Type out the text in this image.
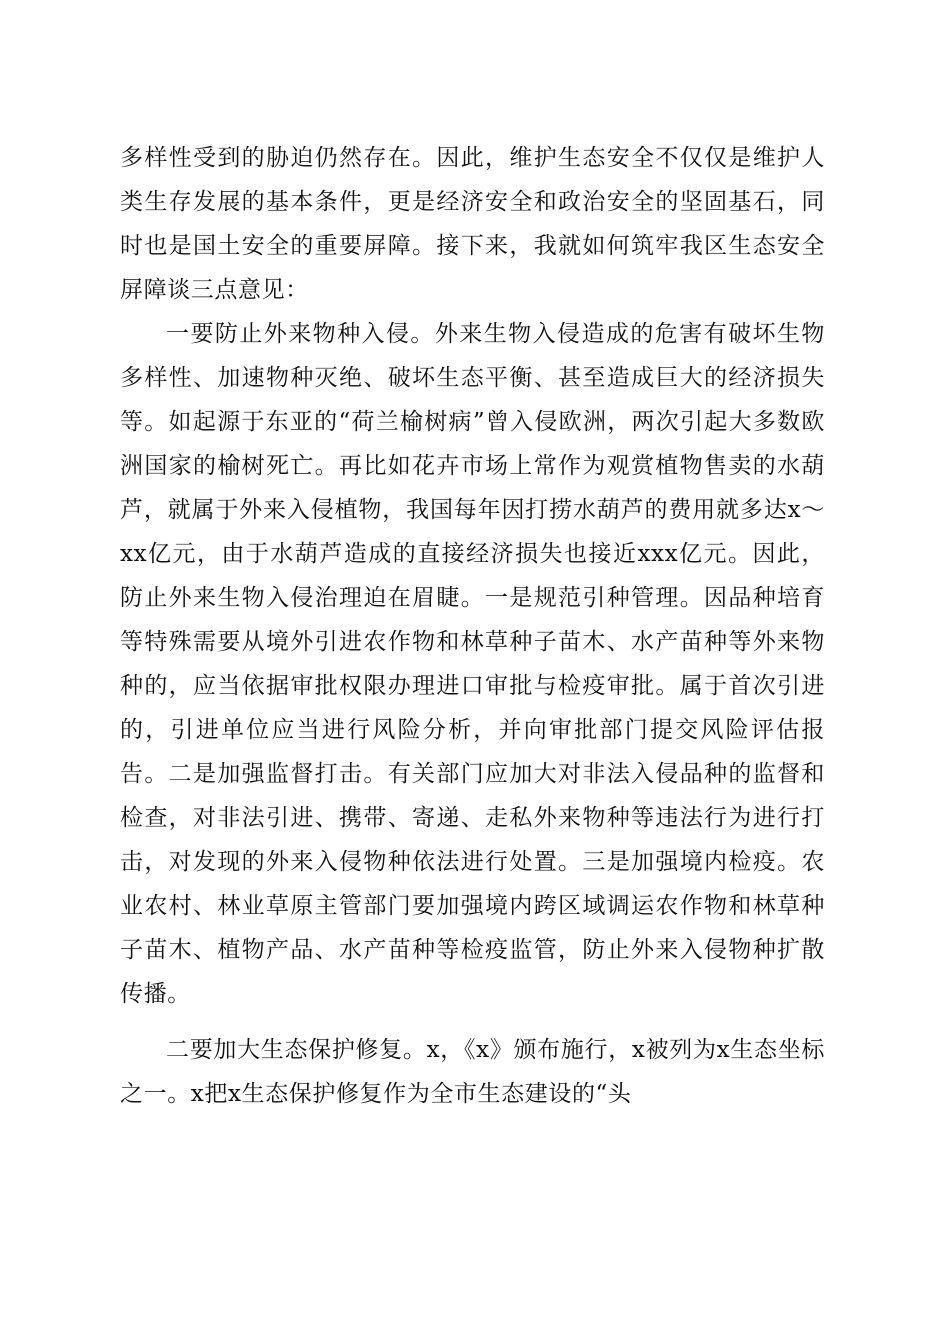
多样性受到的胁迫仍然存在。因此，维护生态安全不仅仅是维护人类生存发展的基本条件，更是经济安全和政治安全的坚固基石，同时也是国土安全的重要屏障。接下来，我就如何筑牢我区生态安全屏障谈三点意见：

一要防止外来物种入侵。外来生物入侵造成的危害有破坏生物多样性、加速物种灭绝、破坏生态平衡、甚至造成巨大的经济损失等。如起源于东亚的“荷兰榆树病”曾入侵欧洲，两次引起大多数欧洲国家的榆树死亡。再比如花卉市场上常作为观赏植物售卖的水葫芦，就属于外来入侵植物，我国每年因打捞水葫芦的费用就多达x～xx亿元，由于水葫芦造成的直接经济损失也接近xxx亿元。因此，防止外来生物入侵治理迫在眉睫。一是规范引种管理。因品种培育等特殊需要从境外引进农作物和林草种子苗木、水产苗种等外来物种的，应当依据审批权限办理进口审批与检疫审批。属于首次引进的，引进单位应当进行风险分析，并向审批部门提交风险评估报告。二是加强监督打击。有关部门应加大对非法入侵品种的监督和检查，对非法引进、携带、寄递、走私外来物种等违法行为进行打击，对发现的外来入侵物种依法进行处置。三是加强境内检疫。农业农村、林业草原主管部门要加强境内跨区域调运农作物和林草种子苗木、植物产品、水产苗种等检疫监管，防止外来入侵物种扩散传播。

二要加大生态保护修复。x，《x》颁布施行，x被列为x生态坐标之一。x把x生态保护修复作为全市生态建设的“头
